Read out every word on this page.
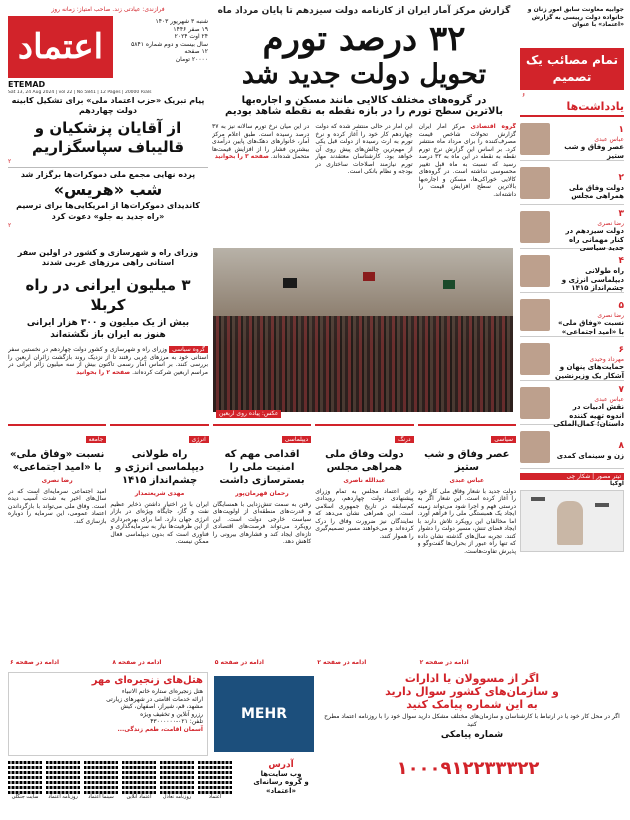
فرازندی: عیادتی زند. صاحب امتیاز: زمانه روز
اعتماد
ETEMAD
شنبه ۳ شهریور ۱۴۰۳
۱۹ صفر ۱۴۴۶
۲۴ اوت ۲۰۲۴
سال بیست و دوم شماره ۵۸۴۱
۱۲ صفحه
۲۰۰۰۰ تومان
Sat 13, 24 Aug 2024 | vol 22 | No 5841 | 12 Pages | 20000 Rials
جوابیه معاونت سابق امور زنان و خانواده دولت رییسی به گزارش «اعتماد» با عنوان
تمام مصائب یک تصمیم
۶
گزارش مرکز آمار ایران از کارنامه دولت سیزدهم تا پایان مرداد ماه
۳۲ درصد تورم
تحویل دولت جدید شد
در گروه‌های مختلف کالایی مانند مسکن و اجاره‌بها
بالاترین سطح تورم را در بازه نقطه به نقطه شاهد بودیم
گروه اقتصادی مرکز آمار ایران گزارش تحولات شاخص قیمت مصرف‌کننده را برای مرداد ماه منتشر کرد. بر اساس این گزارش نرخ تورم نقطه به نقطه در این ماه به ۳۲ درصد رسید که نسبت به ماه قبل تغییر محسوسی نداشته است. در گروه‌های کالایی خوراکی‌ها، مسکن و اجاره‌بها بالاترین سطح افزایش قیمت را داشته‌اند.
این آمار در حالی منتشر شده که دولت چهاردهم کار خود را آغاز کرده و نرخ تورم به ارث رسیده از دولت قبل یکی از مهم‌ترین چالش‌های پیش روی آن خواهد بود. کارشناسان معتقدند مهار تورم نیازمند اصلاحات ساختاری در بودجه و نظام بانکی است.
در این میان نرخ تورم سالانه نیز به ۳۷ درصد رسیده است. طبق اعلام مرکز آمار، خانوارهای دهک‌های پایین درآمدی بیشترین فشار را از افزایش قیمت‌ها متحمل شده‌اند. صفحه ۳ را بخوانید
پیام تبریک «حزب اعتماد ملی» برای تشکیل کابینه دولت چهاردهم
از آقایان پزشکیان و قالیباف سپاسگزاریم
۲
پرده نهایی مجمع ملی دموکرات‌ها برگزار شد
شب «هریس»
کاندیدای دموکرات‌ها از امریکایی‌ها برای ترسیم «راه جدید به جلو» دعوت کرد
۲
وزرای راه و شهرسازی و کشور در اولین سفر استانی راهی مرزهای غربی شدند
۳ میلیون ایرانی در راه کربلا
بیش از یک میلیون و ۳۰۰ هزار ایرانی
هنوز به ایران باز نگشته‌اند
گروه سیاسی وزرای راه و شهرسازی و کشور دولت چهاردهم در نخستین سفر استانی خود به مرزهای غربی رفتند تا از نزدیک روند بازگشت زائران اربعین را بررسی کنند. بر اساس آمار رسمی تاکنون بیش از سه میلیون زائر ایرانی در مراسم اربعین شرکت کرده‌اند. صفحه ۲ را بخوانید
عکس: پیاده روی اربعین
یادداشت‌ها
۱
عباس عبدی
عصر وفاق و شب ستیز
۲
دولت وفاق ملی همراهی مجلس
۳
رضا نصری
دولت سیزدهم در کنار مهمانی راه جدید سیاسی
۴
راه طولانی دیپلماسی انرژی و چشم‌انداز ۱۴۱۵
۵
رضا نصری
نسبت «وفاق ملی» با «امید اجتماعی»
۶
مهرداد وحیدی
حمایت‌های پنهان و آشکار یک وزیرنشین
۷
عباس عبدی
نقش ادبیات در اندوه تهیه کننده داستان؛ کمال‌الملکی
۸
زن و سینمای کمدی
تیتر مصور | شکار چی
اوکیا
سیاسی
عصر وفاق و شب ستیز
عباس عبدی
دولت جدید با شعار وفاق ملی کار خود را آغاز کرده است. این شعار اگر به درستی فهم و اجرا شود می‌تواند زمینه ایجاد یک همبستگی ملی را فراهم آورد. اما مخالفان این رویکرد تلاش دارند با ایجاد فضای تنش، مسیر دولت را دشوار کنند. تجربه سال‌های گذشته نشان داده که تنها راه عبور از بحران‌ها گفت‌وگو و پذیرش تفاوت‌هاست.
ادامه در صفحه ۲
درنگ
دولت وفاق ملی همراهی مجلس
عبدالله ناصری
رای اعتماد مجلس به تمام وزرای پیشنهادی دولت چهاردهم، رویدادی کم‌سابقه در تاریخ جمهوری اسلامی است. این همراهی نشان می‌دهد که نمایندگان نیز ضرورت وفاق را درک کرده‌اند و می‌خواهند مسیر تصمیم‌گیری را هموار کنند.
ادامه در صفحه ۲
دیپلماسی
اقدامی مهم که امنیت ملی را بسترسازی داشت
رحمان قهرمان‌پور
رفتن به سمت تنش‌زدایی با همسایگان و قدرت‌های منطقه‌ای از اولویت‌های سیاست خارجی دولت است. این رویکرد می‌تواند فرصت‌های اقتصادی تازه‌ای ایجاد کند و فشارهای بیرونی را کاهش دهد.
ادامه در صفحه ۵
انرژی
راه طولانی دیپلماسی انرژی و چشم‌انداز ۱۴۱۵
مهدی شریعتمدار
ایران با در اختیار داشتن ذخایر عظیم نفت و گاز، جایگاه ویژه‌ای در بازار انرژی جهان دارد. اما برای بهره‌برداری از این ظرفیت‌ها نیاز به سرمایه‌گذاری و فناوری است که بدون دیپلماسی فعال ممکن نیست.
ادامه در صفحه ۸
جامعه
نسبت «وفاق ملی» با «امید اجتماعی»
رضا نصری
امید اجتماعی سرمایه‌ای است که در سال‌های اخیر به شدت آسیب دیده است. وفاق ملی می‌تواند با بازگرداندن اعتماد عمومی، این سرمایه را دوباره بازسازی کند.
ادامه در صفحه ۶
هتل‌های زنجیره‌ای مهر
هتل زنجیره‌ای ستاره خاتم الانبیاء
ارائه خدمات اقامتی در شهرهای زیارتی
مشهد، قم، شیراز، اصفهان، کیش
رزرو آنلاین و تخفیف ویژه
تلفن: ۰۲۱-۴۳۰۰۰۰۰۰
آسمان اقامت، طعم زندگی...
MEHR
اگر از مسوولان یا ادارات
و سازمان‌های کشور سوال دارید
به این شماره پیامک کنید
اگر در محل کار خود یا در ارتباط با کارشناسان و سازمان‌های مختلف مشکل دارید سوال خود را با روزنامه اعتماد مطرح کنید
شماره پیامکی
۱۰۰۰۹۱۲۲۳۳۳۲۲
سایت جنگلی روزنامه اعتماد سینما اعتماد	اعتماد آنلاین روزنامه تعادل	اعتماد
آدرس
وب سایت‌ها
و گروه رسانه‌ای
«اعتماد»
